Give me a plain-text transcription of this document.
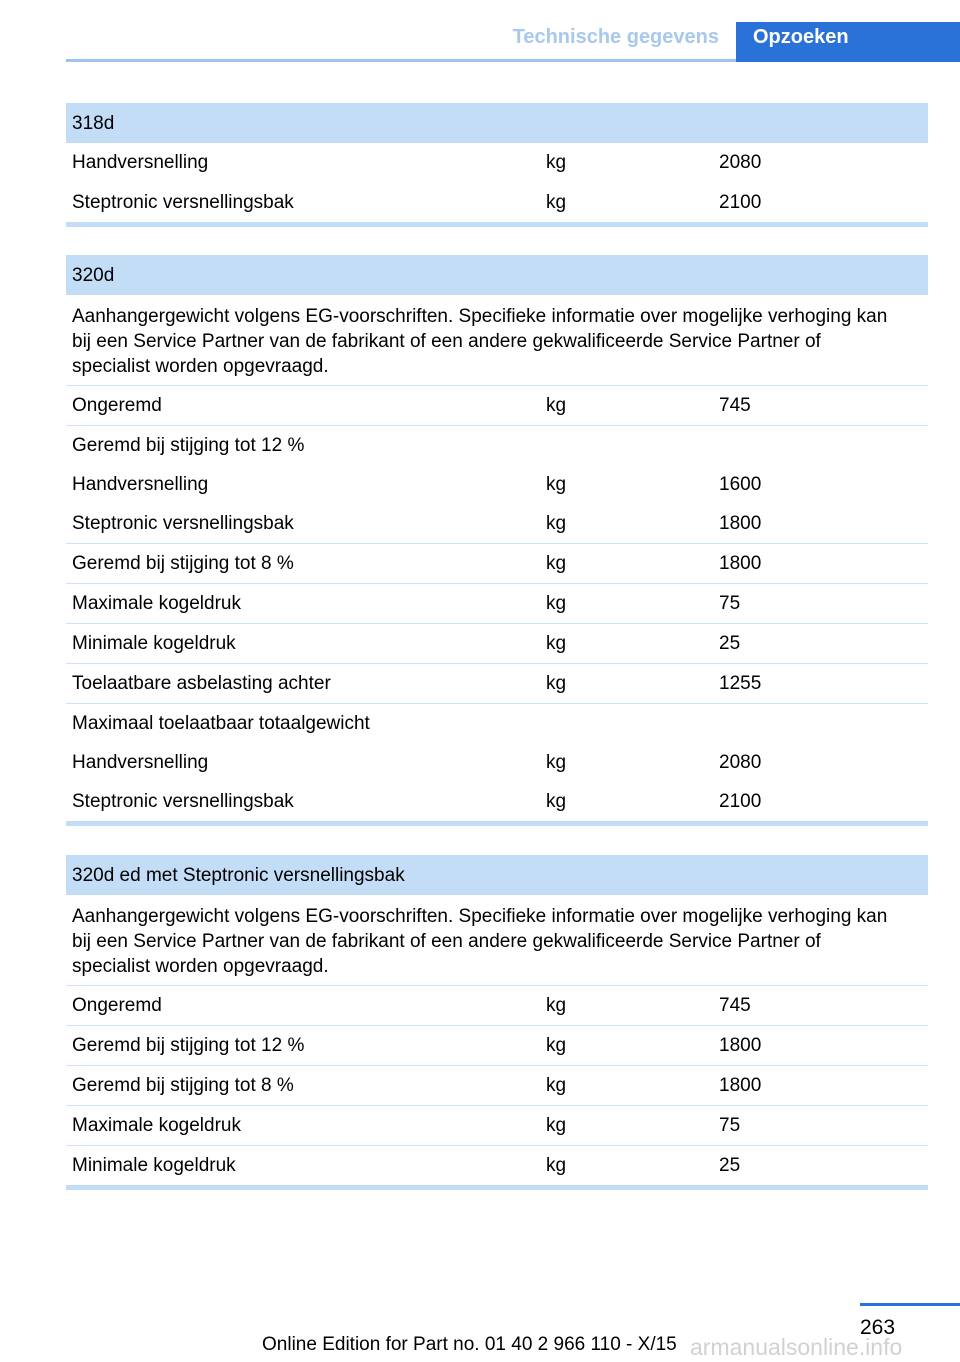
Technische gegevens	Opzoeken
318d
Handversnelling	kg	2080
Steptronic versnellingsbak	kg	2100
320d
Aanhangergewicht volgens EG-voorschriften. Specifieke informatie over mogelijke verhoging kan bij een Service Partner van de fabrikant of een andere gekwalificeerde Service Partner of specialist worden opgevraagd.
Ongeremd	kg	745
Geremd bij stijging tot 12 %
Handversnelling	kg	1600
Steptronic versnellingsbak	kg	1800
Geremd bij stijging tot 8 %	kg	1800
Maximale kogeldruk	kg	75
Minimale kogeldruk	kg	25
Toelaatbare asbelasting achter	kg	1255
Maximaal toelaatbaar totaalgewicht
Handversnelling	kg	2080
Steptronic versnellingsbak	kg	2100
320d ed met Steptronic versnellingsbak
Aanhangergewicht volgens EG-voorschriften. Specifieke informatie over mogelijke verhoging kan bij een Service Partner van de fabrikant of een andere gekwalificeerde Service Partner of specialist worden opgevraagd.
Ongeremd	kg	745
Geremd bij stijging tot 12 %	kg	1800
Geremd bij stijging tot 8 %	kg	1800
Maximale kogeldruk	kg	75
Minimale kogeldruk	kg	25
263
Online Edition for Part no. 01 40 2 966 110 - X/15 armanualsonline.info
